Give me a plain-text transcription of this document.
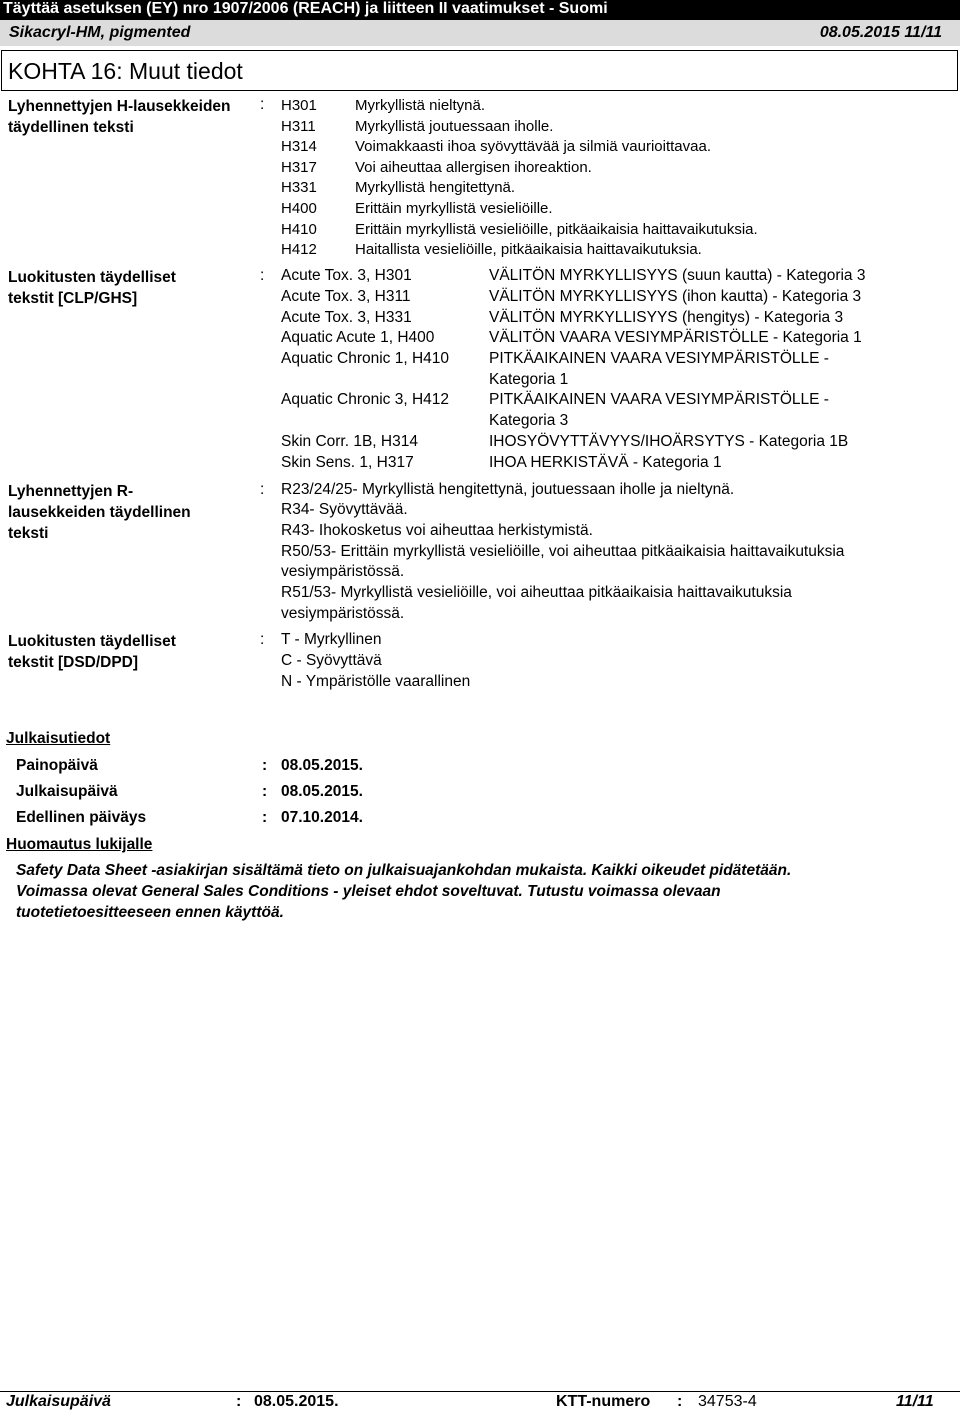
Täyttää asetuksen (EY) nro 1907/2006 (REACH) ja liitteen II vaatimukset - Suomi
Sikacryl-HM, pigmented	08.05.2015 11/11
KOHTA 16: Muut tiedot
Lyhennettyjen H-lausekkeiden täydellinen teksti
: H301	Myrkyllistä nieltynä.
H311	Myrkyllistä joutuessaan iholle.
H314	Voimakkaasti ihoa syövyttävää ja silmiä vaurioittavaa.
H317	Voi aiheuttaa allergisen ihoreaktion.
H331	Myrkyllistä hengitettynä.
H400	Erittäin myrkyllistä vesieliöille.
H410	Erittäin myrkyllistä vesieliöille, pitkäaikaisia haittavaikutuksia.
H412	Haitallista vesieliöille, pitkäaikaisia haittavaikutuksia.
Luokitusten täydelliset
tekstit [CLP/GHS]
: Acute Tox. 3, H301	VÄLITÖN MYRKYLLISYYS (suun kautta) - Kategoria 3
Acute Tox. 3, H311	VÄLITÖN MYRKYLLISYYS (ihon kautta) - Kategoria 3
Acute Tox. 3, H331	VÄLITÖN MYRKYLLISYYS (hengitys) - Kategoria 3
Aquatic Acute 1, H400	VÄLITÖN VAARA VESIYMPÄRISTÖLLE - Kategoria 1
Aquatic Chronic 1, H410	PITKÄAIKAINEN VAARA VESIYMPÄRISTÖLLE -
Kategoria 1
Aquatic Chronic 3, H412	PITKÄAIKAINEN VAARA VESIYMPÄRISTÖLLE -
Kategoria 3
Skin Corr. 1B, H314	IHOSYÖVYTTÄVYYS/IHOÄRSYTYS - Kategoria 1B
Skin Sens. 1, H317	IHOA HERKISTÄVÄ - Kategoria 1
Lyhennettyjen R-
lausekkeiden täydellinen
teksti
: R23/24/25- Myrkyllistä hengitettynä, joutuessaan iholle ja nieltynä.
R34- Syövyttävää.
R43- Ihokosketus voi aiheuttaa herkistymistä.
R50/53- Erittäin myrkyllistä vesieliöille, voi aiheuttaa pitkäaikaisia haittavaikutuksia
vesiympäristössä.
R51/53- Myrkyllistä vesieliöille, voi aiheuttaa pitkäaikaisia haittavaikutuksia
vesiympäristössä.
Luokitusten täydelliset
tekstit [DSD/DPD]
: T - Myrkyllinen
C - Syövyttävä
N - Ympäristölle vaarallinen
Julkaisutiedot
Painopäivä	: 08.05.2015.
Julkaisupäivä	: 08.05.2015.
Edellinen päiväys	: 07.10.2014.
Huomautus lukijalle
Safety Data Sheet -asiakirjan sisältämä tieto on julkaisuajankohdan mukaista. Kaikki oikeudet pidätetään.
Voimassa olevat General Sales Conditions - yleiset ehdot soveltuvat. Tutustu voimassa olevaan
tuotetietoesitteeseen ennen käyttöä.
Julkaisupäivä	: 08.05.2015.	KTT-numero : 34753-4	11/11
